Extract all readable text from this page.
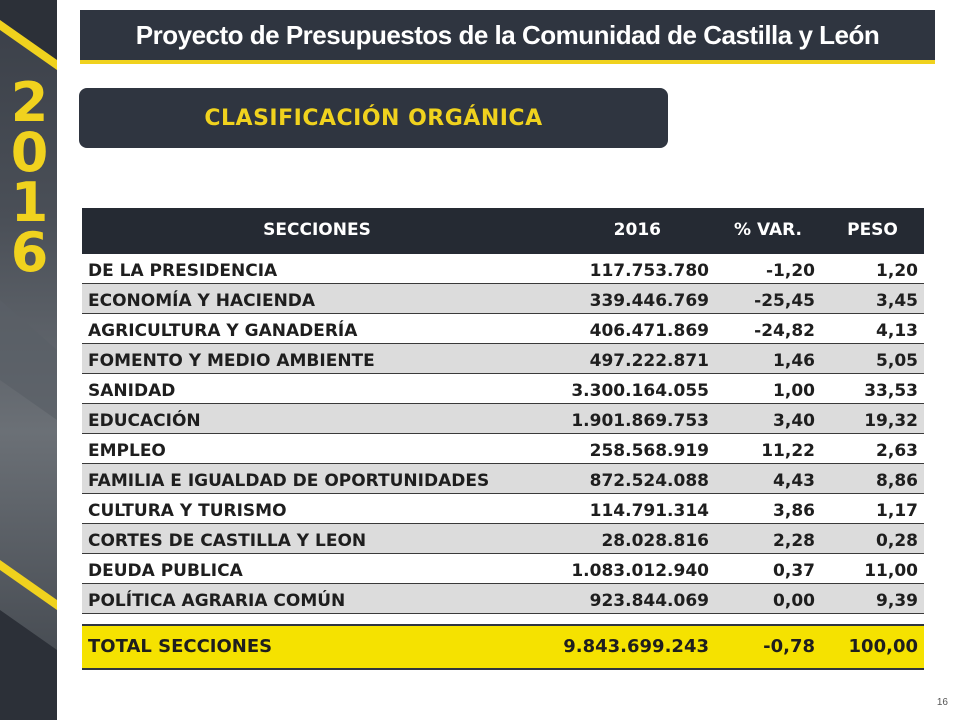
2
0
1
6
Proyecto de Presupuestos de la Comunidad de Castilla y León
CLASIFICACIÓN ORGÁNICA
SECCIONES	2016	% VAR.	PESO
DE LA PRESIDENCIA	117.753.780	-1,20	1,20
ECONOMÍA Y HACIENDA	339.446.769	-25,45	3,45
AGRICULTURA Y GANADERÍA	406.471.869	-24,82	4,13
FOMENTO Y MEDIO AMBIENTE	497.222.871	1,46	5,05
SANIDAD	3.300.164.055	1,00	33,53
EDUCACIÓN	1.901.869.753	3,40	19,32
EMPLEO	258.568.919	11,22	2,63
FAMILIA E IGUALDAD DE OPORTUNIDADES	872.524.088	4,43	8,86
CULTURA Y TURISMO	114.791.314	3,86	1,17
CORTES DE CASTILLA Y LEON	28.028.816	2,28	0,28
DEUDA PUBLICA	1.083.012.940	0,37	11,00
POLÍTICA AGRARIA COMÚN	923.844.069	0,00	9,39
TOTAL SECCIONES	9.843.699.243	-0,78	100,00
16
